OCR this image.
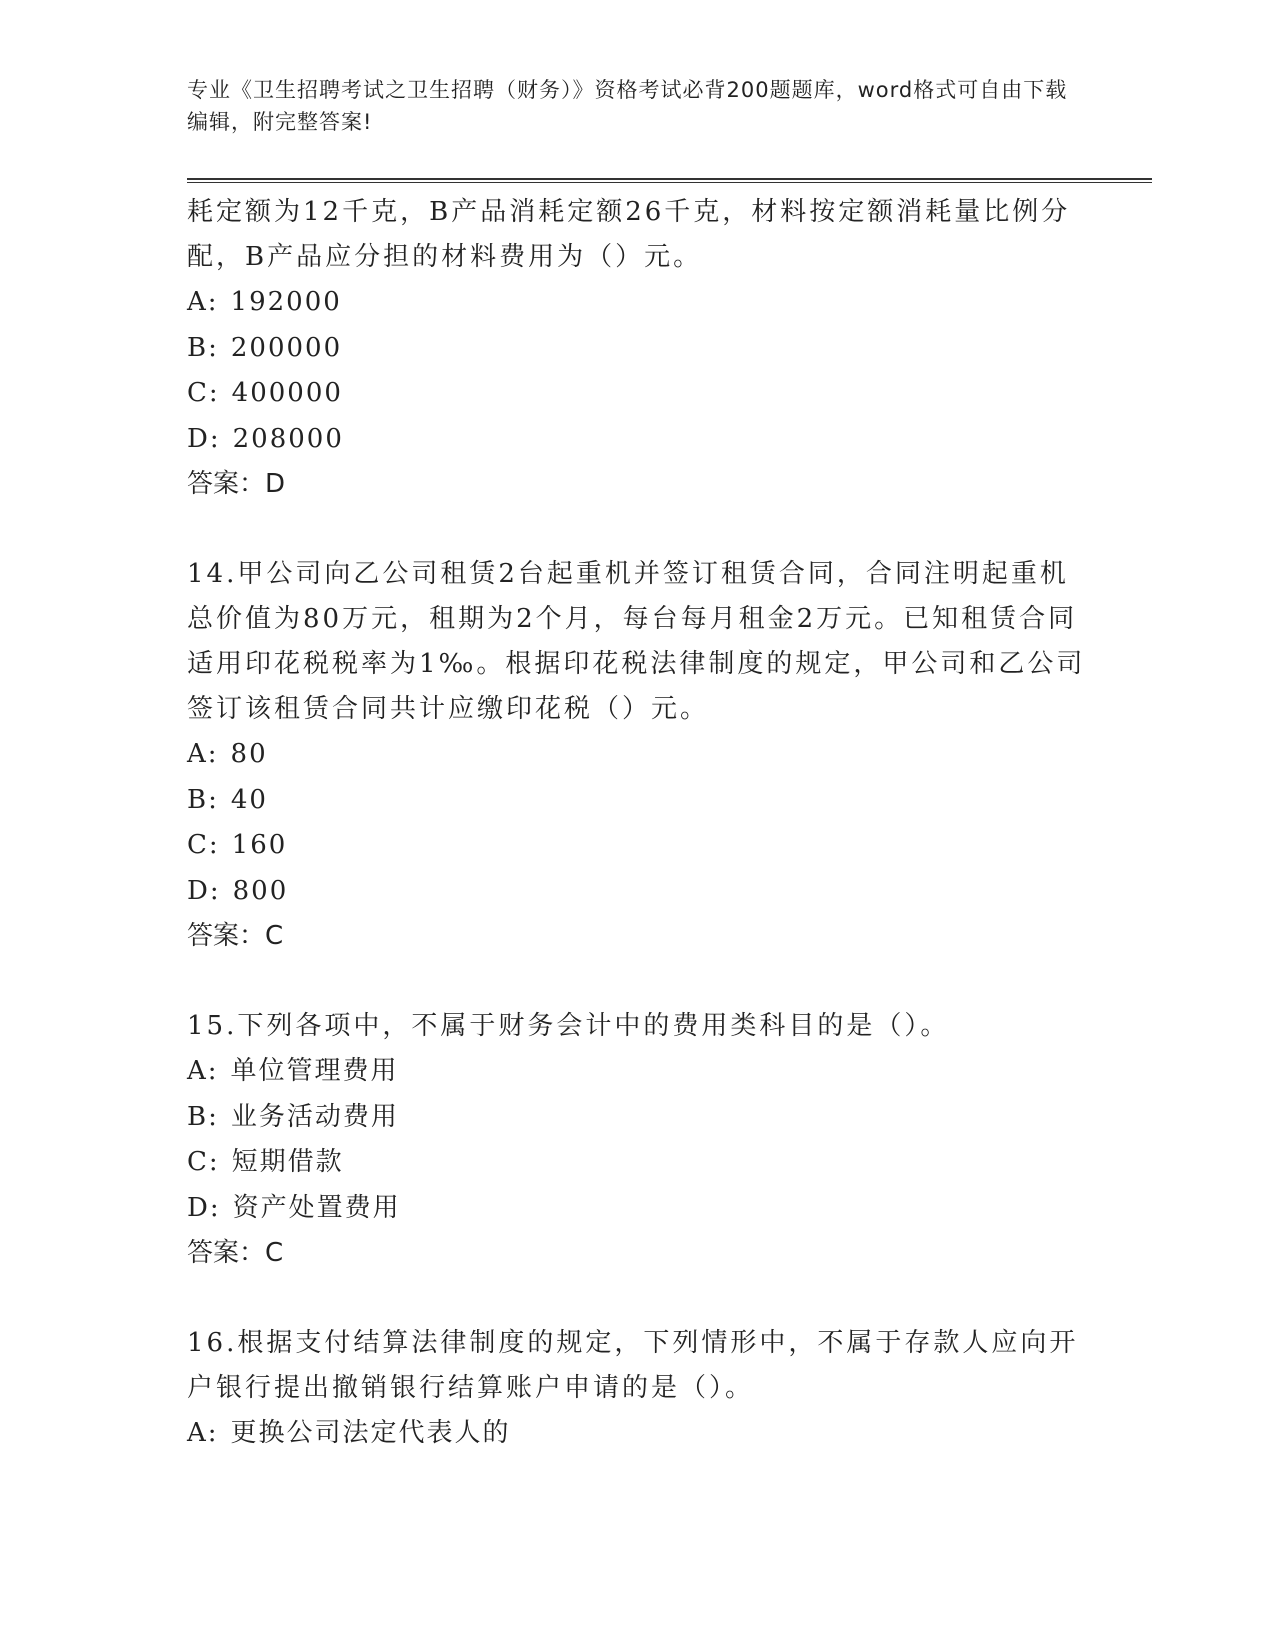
专业《卫生招聘考试之卫生招聘（财务）》资格考试必背200题题库，word格式可自由下载编辑，附完整答案!
耗定额为12千克，B产品消耗定额26千克，材料按定额消耗量比例分配，B产品应分担的材料费用为（）元。
A: 192000
B: 200000
C: 400000
D: 208000
答案：D
14.甲公司向乙公司租赁2台起重机并签订租赁合同，合同注明起重机总价值为80万元，租期为2个月，每台每月租金2万元。已知租赁合同适用印花税税率为1‰。根据印花税法律制度的规定，甲公司和乙公司签订该租赁合同共计应缴印花税（）元。
A: 80
B: 40
C: 160
D: 800
答案：C
15.下列各项中，不属于财务会计中的费用类科目的是（）。
A: 单位管理费用
B: 业务活动费用
C: 短期借款
D: 资产处置费用
答案：C
16.根据支付结算法律制度的规定，下列情形中，不属于存款人应向开户银行提出撤销银行结算账户申请的是（）。
A: 更换公司法定代表人的
